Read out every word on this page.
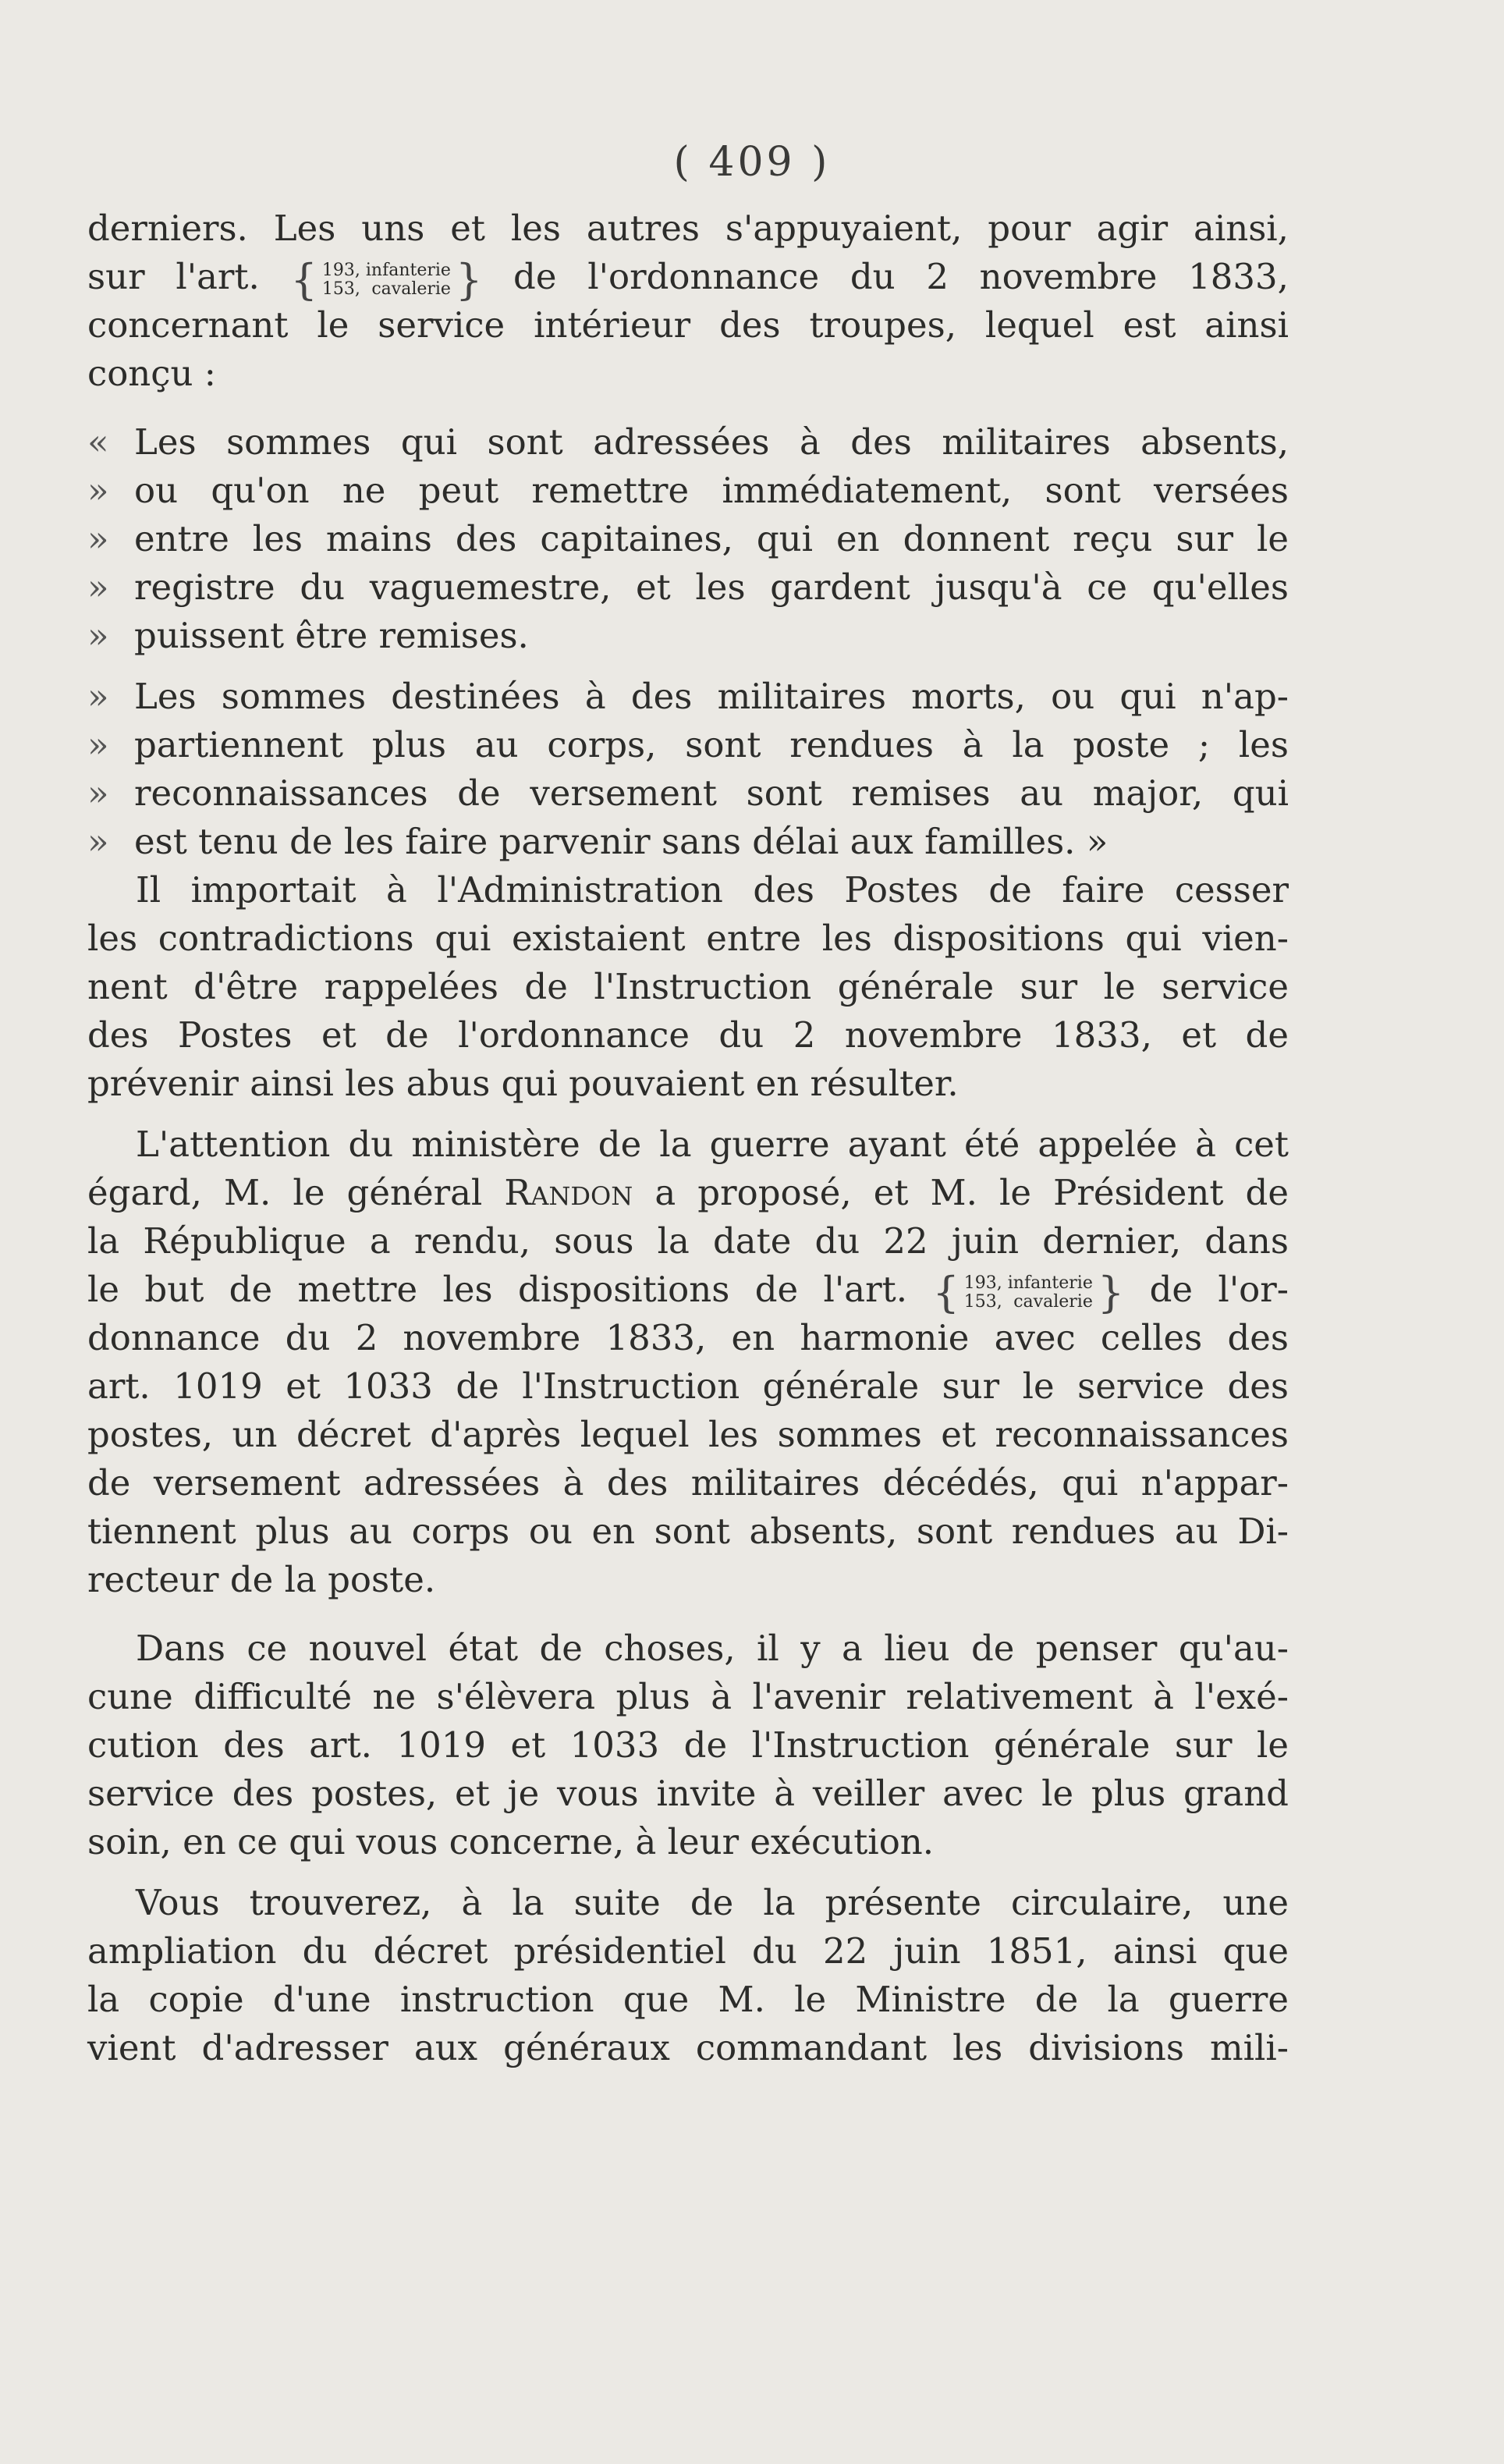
( 409 )
derniers. Les uns et les autres s'appuyaient, pour agir ainsi,
sur l'art. { 193, infanterie
153, cavalerie } de l'ordonnance du 2 novembre 1833,
concernant le service intérieur des troupes, lequel est ainsi
conçu :
« Les sommes qui sont adressées à des militaires absents,
» ou qu'on ne peut remettre immédiatement, sont versées
» entre les mains des capitaines, qui en donnent reçu sur le
» registre du vaguemestre, et les gardent jusqu'à ce qu'elles
» puissent être remises.
» Les sommes destinées à des militaires morts, ou qui n'ap-
» partiennent plus au corps, sont rendues à la poste ; les
» reconnaissances de versement sont remises au major, qui
» est tenu de les faire parvenir sans délai aux familles. »
Il importait à l'Administration des Postes de faire cesser
les contradictions qui existaient entre les dispositions qui vien-
nent d'être rappelées de l'Instruction générale sur le service
des Postes et de l'ordonnance du 2 novembre 1833, et de
prévenir ainsi les abus qui pouvaient en résulter.
L'attention du ministère de la guerre ayant été appelée à cet
égard, M. le général Randon a proposé, et M. le Président de
la République a rendu, sous la date du 22 juin dernier, dans
le but de mettre les dispositions de l'art. { 193, infanterie
153, cavalerie } de l'or-
donnance du 2 novembre 1833, en harmonie avec celles des
art. 1019 et 1033 de l'Instruction générale sur le service des
postes, un décret d'après lequel les sommes et reconnaissances
de versement adressées à des militaires décédés, qui n'appar-
tiennent plus au corps ou en sont absents, sont rendues au Di-
recteur de la poste.
Dans ce nouvel état de choses, il y a lieu de penser qu'au-
cune difficulté ne s'élèvera plus à l'avenir relativement à l'exé-
cution des art. 1019 et 1033 de l'Instruction générale sur le
service des postes, et je vous invite à veiller avec le plus grand
soin, en ce qui vous concerne, à leur exécution.
Vous trouverez, à la suite de la présente circulaire, une
ampliation du décret présidentiel du 22 juin 1851, ainsi que
la copie d'une instruction que M. le Ministre de la guerre
vient d'adresser aux généraux commandant les divisions mili-
